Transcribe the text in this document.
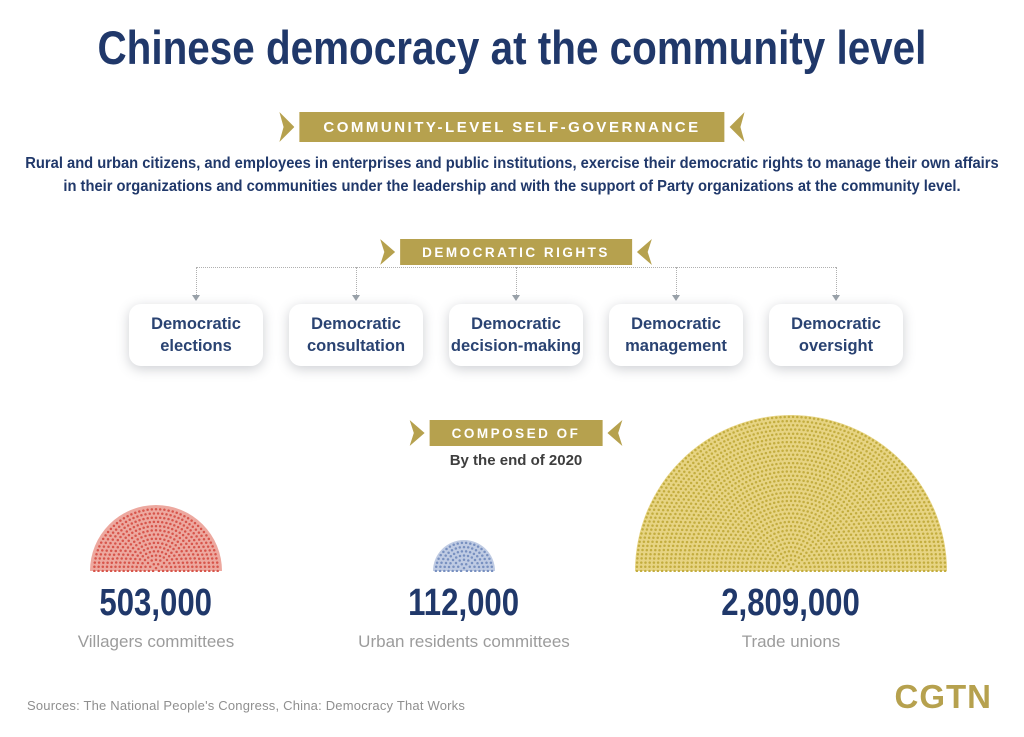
Chinese democracy at the community level
COMMUNITY-LEVEL SELF-GOVERNANCE

Rural and urban citizens, and employees in enterprises and public institutions, exercise their democratic rights to manage their own affairs in their organizations and communities under the leadership and with the support of Party organizations at the community level.

DEMOCRATIC RIGHTS
Democratic elections
Democratic consultation
Democratic decision-making
Democratic management
Democratic oversight
COMPOSED OF
By the end of 2020
503,000
Villagers committees
112,000
Urban residents committees
2,809,000
Trade unions
Sources: The National People's Congress, China: Democracy That Works	CGTN
